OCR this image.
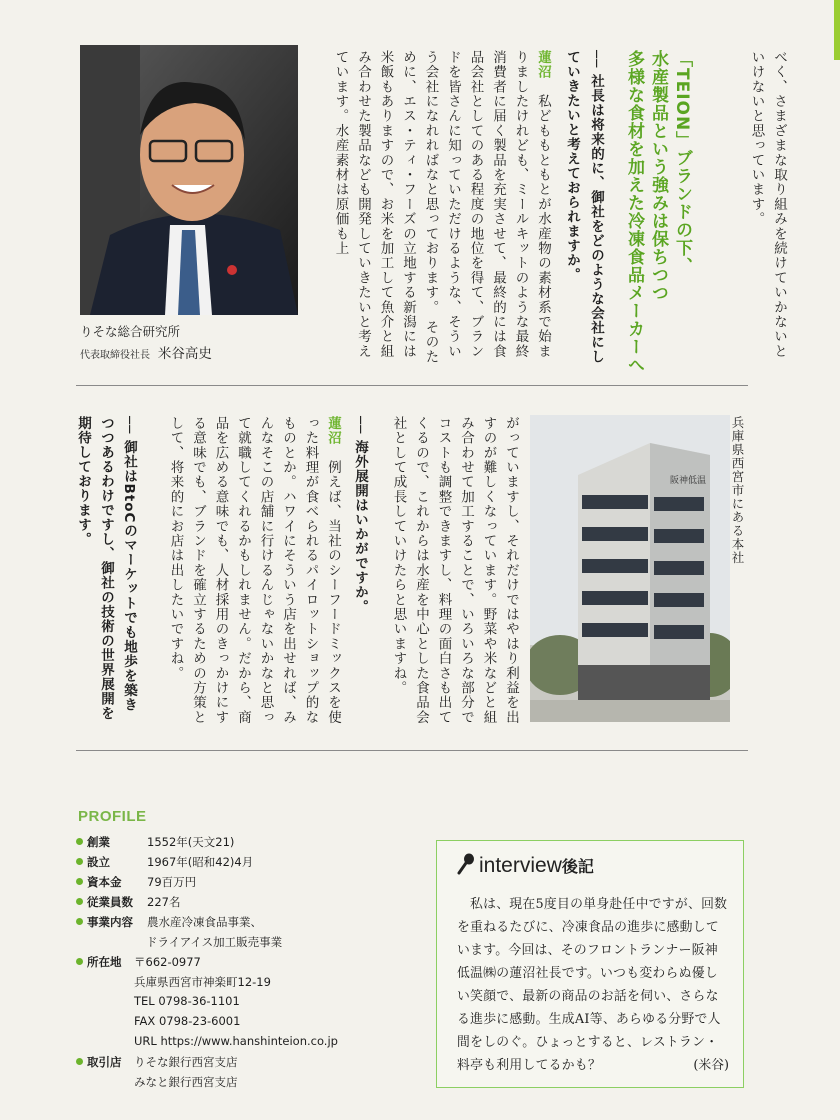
べく、さまざまな取り組みを続けていかないといけないと思っています。

「TEION」ブランドの下、
水産製品という強みは保ちつつ
多様な食材を加えた冷凍食品メーカーへ

── 社長は将来的に、御社をどのような会社にしていきたいと考えておられますか。

蓮沼　私どももともとが水産物の素材系で始まりましたけれども、ミールキットのような最終消費者に届く製品を充実させて、最終的には食品会社としてのある程度の地位を得て、ブランドを皆さんに知っていただけるような、そういう会社になれればなと思っております。 そのために、エス・ティ・フーズの立地する新潟には米飯もありますので、お米を加工して魚介と組み合わせた製品なども開発していきたいと考えています。水産素材は原価も上
りそな総合研究所
代表取締役社長 米谷高史

兵庫県西宮市にある本社

阪神低温

がっていますし、それだけではやはり利益を出すのが難しくなっています。野菜や米などと組み合わせて加工することで、いろいろな部分でコストも調整できますし、料理の面白さも出てくるので、これからは水産を中心とした食品会社として成長していけたらと思いますね。

── 海外展開はいかがですか。

蓮沼　例えば、当社のシーフードミックスを使った料理が食べられるパイロットショップ的なものとか。ハワイにそういう店を出せれば、みんなそこの店舗に行けるんじゃないかなと思って就職してくれるかもしれません。だから、商品を広める意味でも、人材採用のきっかけにする意味でも、ブランドを確立するための方策として、将来的にお店は出したいですね。

── 御社はBtoCのマーケットでも地歩を築きつつあるわけですし、御社の技術の世界展開を期待しております。

PROFILE
創業	1552年(天文21)
設立	1967年(昭和42)4月
資本金	79百万円
従業員数	227名
事業内容	農水産冷凍食品事業、
ドライアイス加工販売事業
所在地	〒662-0977
兵庫県西宮市神楽町12-19
TEL 0798-36-1101
FAX 0798-23-6001
URL https://www.hanshinteion.co.jp
取引店	りそな銀行西宮支店
みなと銀行西宮支店
interview後記

私は、現在5度目の単身赴任中ですが、回数を重ねるたびに、冷凍食品の進歩に感動しています。今回は、そのフロントランナー阪神低温㈱の蓮沼社長です。いつも変わらぬ優しい笑顔で、最新の商品のお話を伺い、さらなる進歩に感動。生成AI等、あらゆる分野で人間をしのぐ。ひょっとすると、レストラン・料亭も利用してるかも？	(米谷)
